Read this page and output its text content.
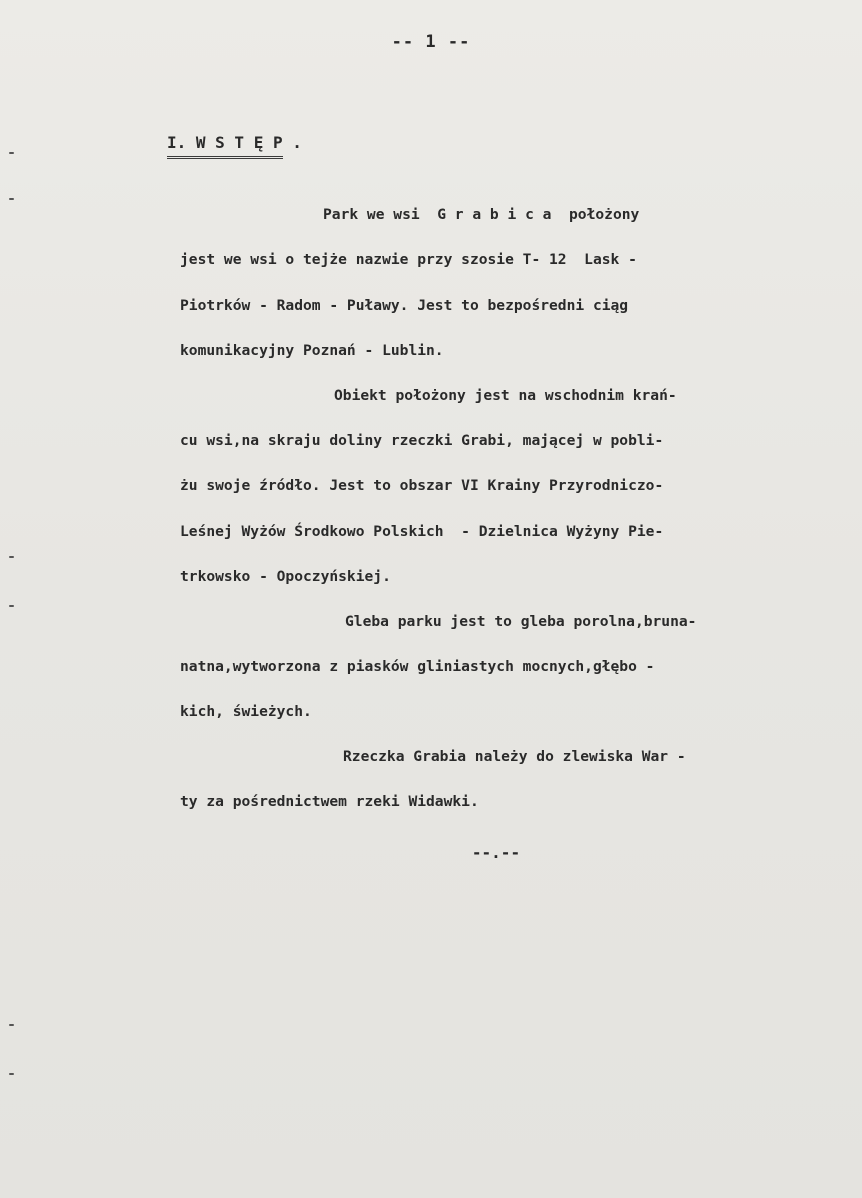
-- 1 --
I. W S T Ę P .
Park we wsi  G r a b i c a  położony
jest we wsi o tejże nazwie przy szosie T- 12  Lask -
Piotrków - Radom - Puławy. Jest to bezpośredni ciąg
komunikacyjny Poznań - Lublin.
Obiekt położony jest na wschodnim krań-
cu wsi,na skraju doliny rzeczki Grabi, mającej w pobli-
żu swoje źródło. Jest to obszar VI Krainy Przyrodniczo-
Leśnej Wyżów Środkowo Polskich  - Dzielnica Wyżyny Pie-
trkowsko - Opoczyńskiej.
Gleba parku jest to gleba porolna,bruna-
natna,wytworzona z piasków gliniastych mocnych,głębo -
kich, świeżych.
Rzeczka Grabia należy do zlewiska War -
ty za pośrednictwem rzeki Widawki.
--.--
